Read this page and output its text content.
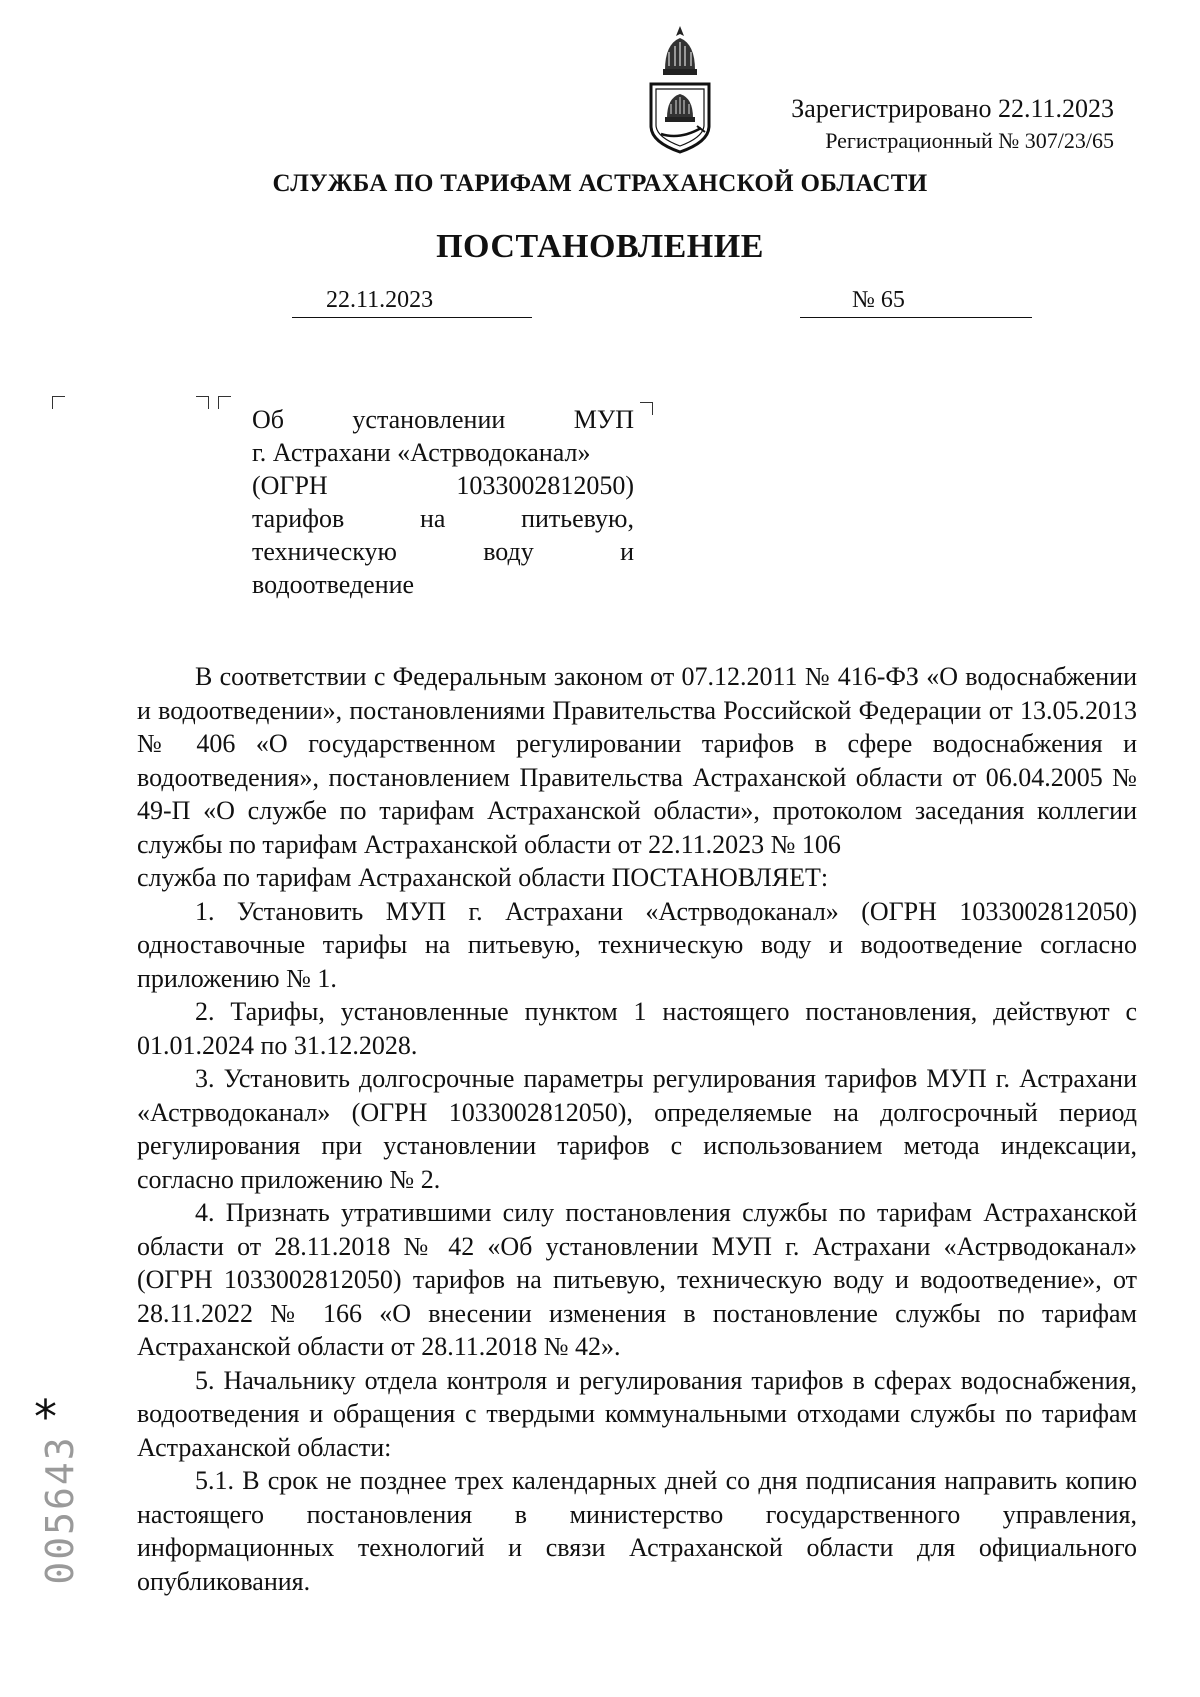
Зарегистрировано 22.11.2023
Регистрационный № 307/23/65
СЛУЖБА ПО ТАРИФАМ АСТРАХАНСКОЙ ОБЛАСТИ
ПОСТАНОВЛЕНИЕ
22.11.2023	№ 65
Об установлении МУП
г. Астрахани «Астрводоканал»
(ОГРН 1033002812050)
тарифов на питьевую,
техническую воду и
водоотведение

В соответствии с Федеральным законом от 07.12.2011 № 416-ФЗ «О водоснабжении и водоотведении», постановлениями Правительства Российской Федерации от 13.05.2013 № 406 «О государственном регулировании тарифов в сфере водоснабжения и водоотведения», постановлением Правительства Астраханской области от 06.04.2005 № 49-П «О службе по тарифам Астраханской области», протоколом заседания коллегии службы по тарифам Астраханской области от 22.11.2023 № 106

служба по тарифам Астраханской области ПОСТАНОВЛЯЕТ:

1. Установить МУП г. Астрахани «Астрводоканал» (ОГРН 1033002812050) одноставочные тарифы на питьевую, техническую воду и водоотведение согласно приложению № 1.

2. Тарифы, установленные пунктом 1 настоящего постановления, действуют с 01.01.2024 по 31.12.2028.

3. Установить долгосрочные параметры регулирования тарифов МУП г. Астрахани «Астрводоканал» (ОГРН 1033002812050), определяемые на долгосрочный период регулирования при установлении тарифов с использованием метода индексации, согласно приложению № 2.

4. Признать утратившими силу постановления службы по тарифам Астраханской области от 28.11.2018 № 42 «Об установлении МУП г. Астрахани «Астрводоканал» (ОГРН 1033002812050) тарифов на питьевую, техническую воду и водоотведение», от 28.11.2022 № 166 «О внесении изменения в постановление службы по тарифам Астраханской области от 28.11.2018 № 42».

5. Начальнику отдела контроля и регулирования тарифов в сферах водоснабжения, водоотведения и обращения с твердыми коммунальными отходами службы по тарифам Астраханской области:

5.1. В срок не позднее трех календарных дней со дня подписания направить копию настоящего постановления в министерство государственного управления, информационных технологий и связи Астраханской области для официального опубликования.

*
005643
